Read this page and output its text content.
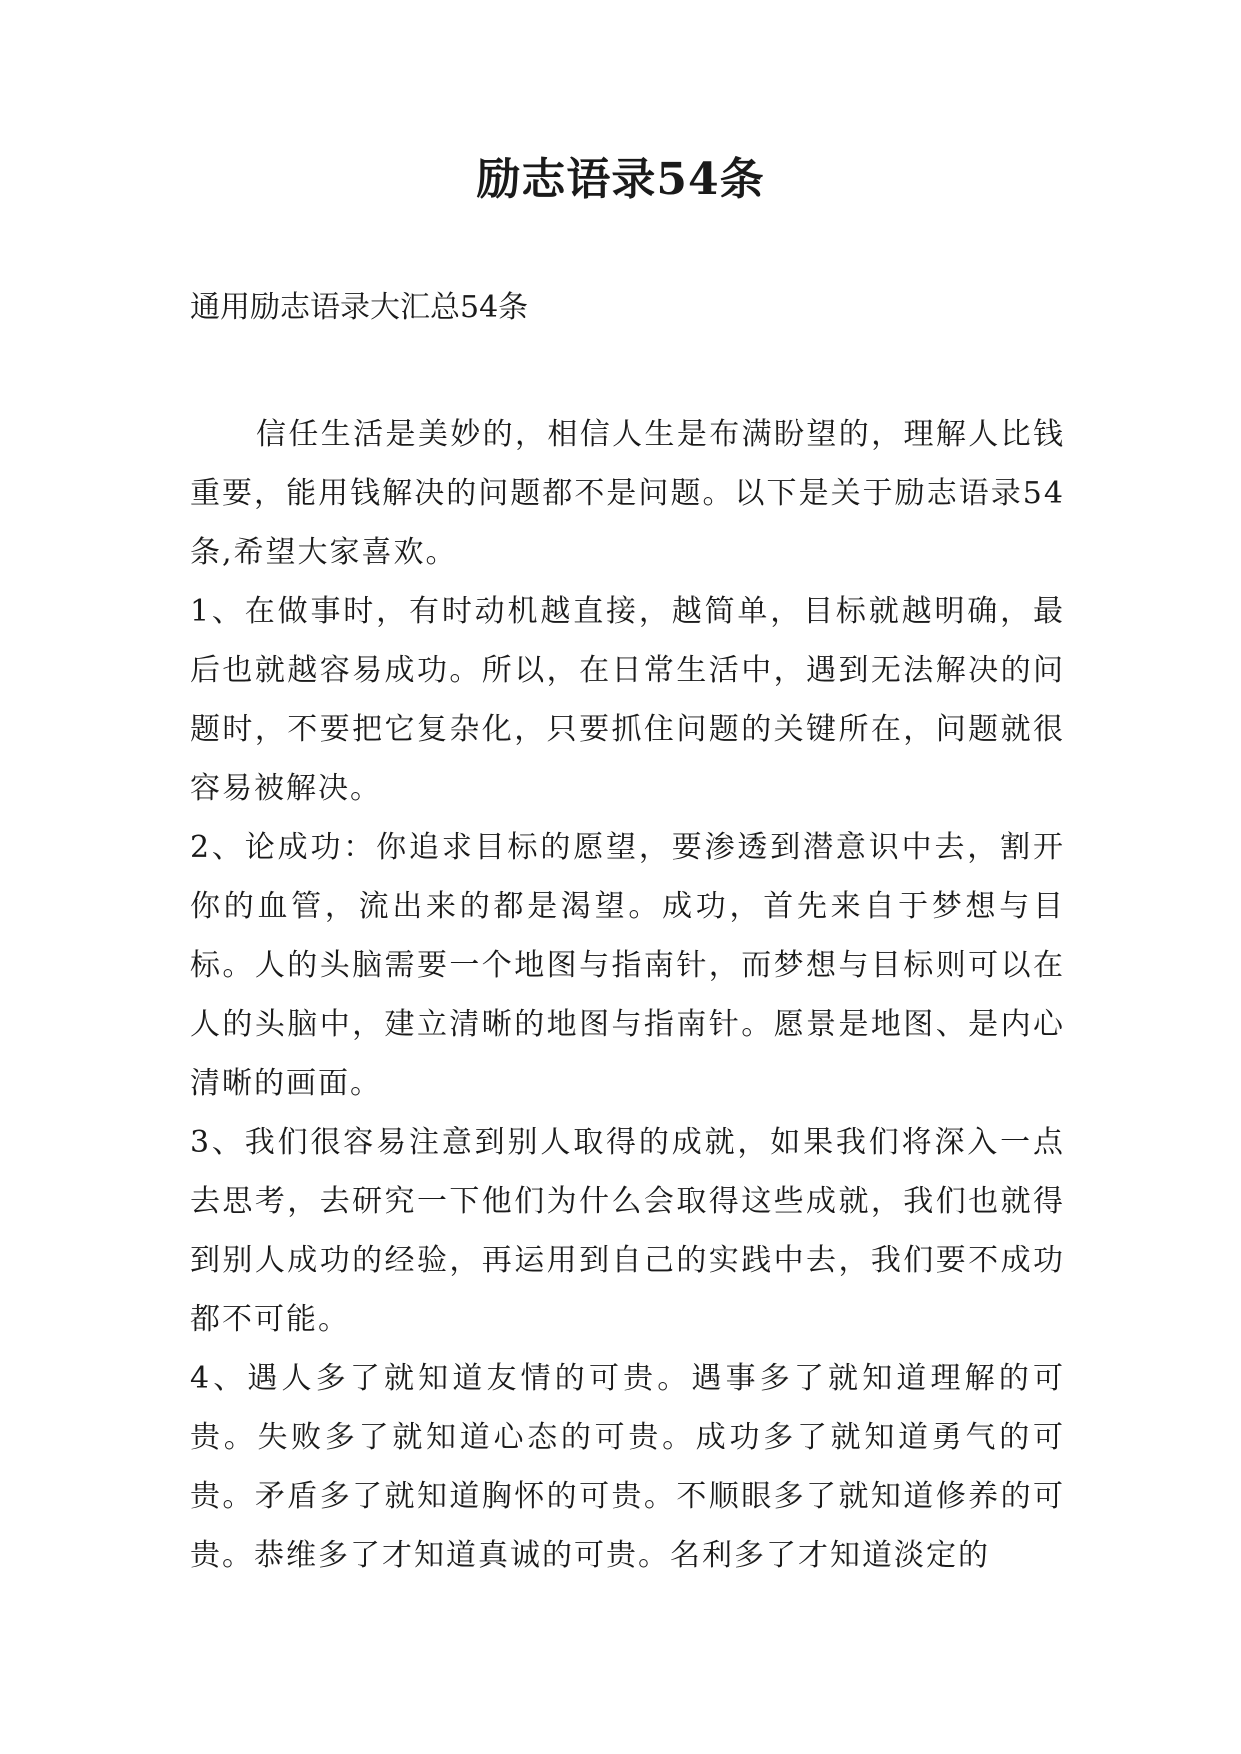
励志语录54条

通用励志语录大汇总54条

信任生活是美妙的，相信人生是布满盼望的，理解人比钱重要，能用钱解决的问题都不是问题。以下是关于励志语录54条,希望大家喜欢。

1、在做事时，有时动机越直接，越简单，目标就越明确，最后也就越容易成功。所以，在日常生活中，遇到无法解决的问题时，不要把它复杂化，只要抓住问题的关键所在，问题就很容易被解决。

2、论成功：你追求目标的愿望，要渗透到潜意识中去，割开你的血管，流出来的都是渴望。成功，首先来自于梦想与目标。人的头脑需要一个地图与指南针，而梦想与目标则可以在人的头脑中，建立清晰的地图与指南针。愿景是地图、是内心清晰的画面。

3、我们很容易注意到别人取得的成就，如果我们将深入一点去思考，去研究一下他们为什么会取得这些成就，我们也就得到别人成功的经验，再运用到自己的实践中去，我们要不成功都不可能。

4、遇人多了就知道友情的可贵。遇事多了就知道理解的可贵。失败多了就知道心态的可贵。成功多了就知道勇气的可贵。矛盾多了就知道胸怀的可贵。不顺眼多了就知道修养的可贵。恭维多了才知道真诚的可贵。名利多了才知道淡定的
